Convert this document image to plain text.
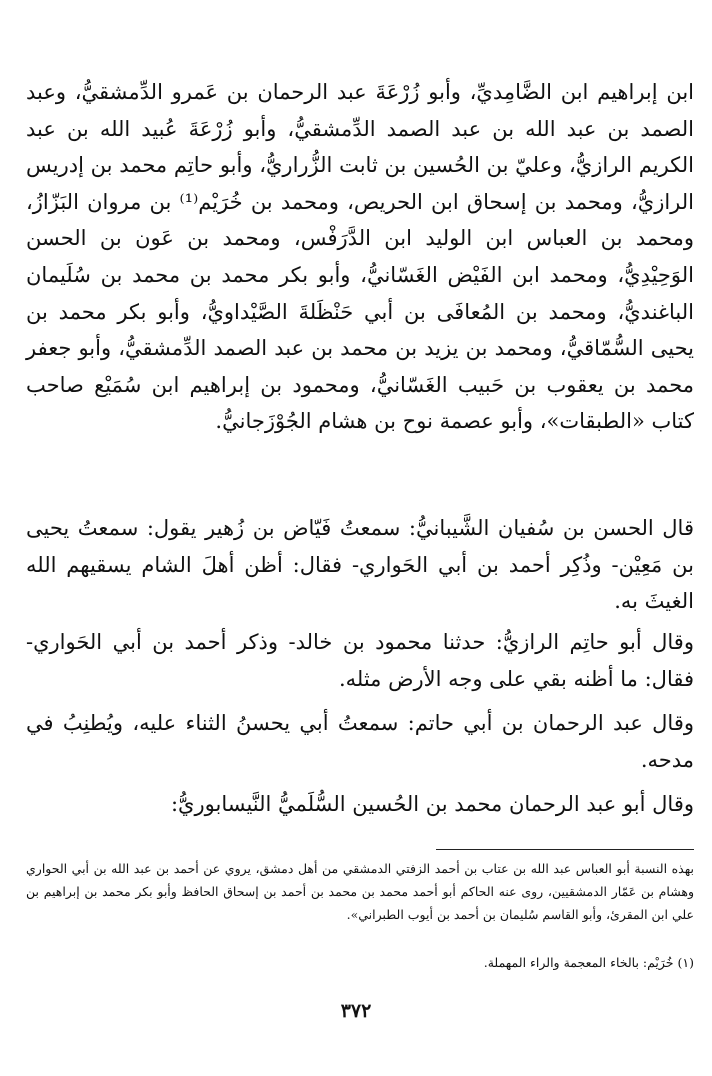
ابن إبراهيم ابن الضَّامِديِّ، وأبو زُرْعَةَ عبد الرحمان بن عَمرو الدِّمشقيُّ، وعبد الصمد بن عبد الله بن عبد الصمد الدِّمشقيُّ، وأبو زُرْعَةَ عُبيد الله بن عبد الكريم الرازيُّ، وعليّ بن الحُسين بن ثابت الزُّراريُّ، وأبو حاتِم محمد بن إدريس الرازيُّ، ومحمد بن إسحاق ابن الحريص، ومحمد بن خُرَيْم⁽¹⁾ بن مروان البَزّازُ، ومحمد بن العباس ابن الوليد ابن الدَّرَفْس، ومحمد بن عَون بن الحسن الوَحِيْدِيُّ، ومحمد ابن الفَيْض الغَسّانيُّ، وأبو بكر محمد بن محمد بن سُلَيمان الباغنديُّ، ومحمد بن المُعافَى بن أبي حَنْظَلةَ الصَّيْداويُّ، وأبو بكر محمد بن يحيى السُّمّاقيُّ، ومحمد بن يزيد بن محمد بن عبد الصمد الدِّمشقيُّ، وأبو جعفر محمد بن يعقوب بن حَبيب الغَسّانيُّ، ومحمود بن إبراهيم ابن سُمَيْع صاحب كتاب «الطبقات»، وأبو عصمة نوح بن هشام الجُوْزَجانيُّ.

قال الحسن بن سُفيان الشَّيبانيُّ: سمعتُ فَيّاض بن زُهير يقول: سمعتُ يحيى بن مَعِيْن- وذُكِر أحمد بن أبي الحَواري- فقال: أظن أهلَ الشام يسقيهم الله الغيثَ به.

وقال أبو حاتِم الرازيُّ: حدثنا محمود بن خالد- وذكر أحمد بن أبي الحَواري- فقال: ما أظنه بقي على وجه الأرض مثله.

وقال عبد الرحمان بن أبي حاتم: سمعتُ أبي يحسنُ الثناء عليه، ويُطنِبُ في مدحه.

وقال أبو عبد الرحمان محمد بن الحُسين السُّلَميُّ النَّيسابوريُّ:

بهذه النسبة أبو العباس عبد الله بن عتاب بن أحمد الزفتي الدمشقي من أهل دمشق، يروي عن أحمد بن عبد الله بن أبي الحواري وهشام بن عَمّار الدمشقيين، روى عنه الحاكم أبو أحمد محمد بن محمد بن أحمد بن إسحاق الحافظ وأبو بكر محمد بن إبراهيم بن علي ابن المقرئ، وأبو القاسم سُليمان بن أحمد بن أيوب الطبراني».

(١) خُرَيْم: بالخاء المعجمة والراء المهملة.

٣٧٢
